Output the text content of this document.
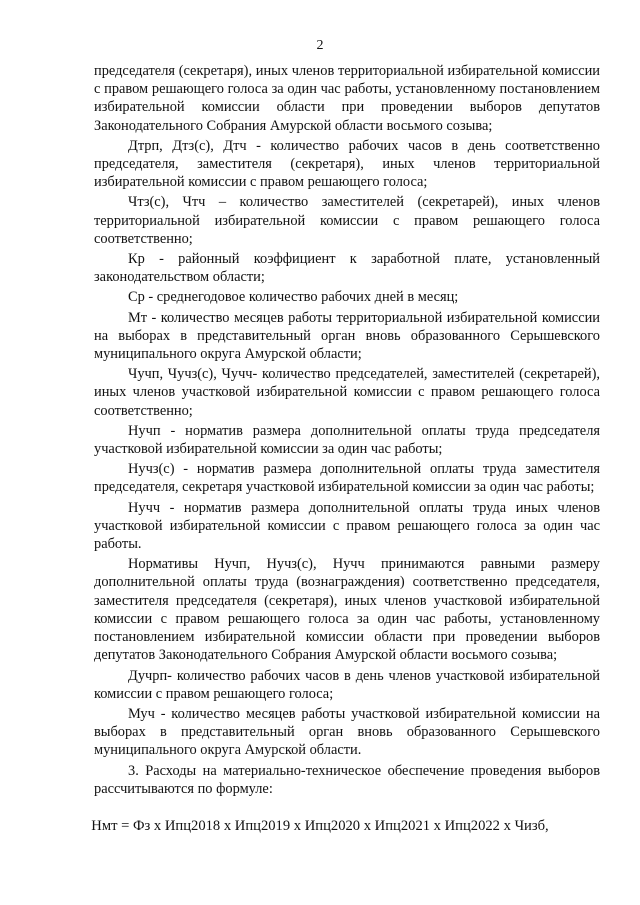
2

председателя (секретаря), иных членов территориальной избирательной комиссии с правом решающего голоса за один час работы, установленному постановлением избирательной комиссии области при проведении выборов депутатов Законодательного Собрания Амурской области восьмого созыва;

Дтрп, Дтз(с), Дтч - количество рабочих часов в день соответственно председателя, заместителя (секретаря), иных членов территориальной избирательной комиссии с правом решающего голоса;

Чтз(с), Чтч – количество заместителей (секретарей), иных членов территориальной избирательной комиссии с правом решающего голоса соответственно;

Кр - районный коэффициент к заработной плате, установленный законодательством области;

Ср - среднегодовое количество рабочих дней в месяц;

Мт - количество месяцев работы территориальной избирательной комиссии на выборах в представительный орган вновь образованного Серышевского муниципального округа Амурской области;

Чучп, Чучз(с), Чучч- количество председателей, заместителей (секретарей), иных членов участковой избирательной комиссии с правом решающего голоса соответственно;

Нучп - норматив размера дополнительной оплаты труда председателя участковой избирательной комиссии за один час работы;

Нучз(с) - норматив размера дополнительной оплаты труда заместителя председателя, секретаря участковой избирательной комиссии за один час работы;

Нучч - норматив размера дополнительной оплаты труда иных членов участковой избирательной комиссии с правом решающего голоса за один час работы.

Нормативы Нучп, Нучз(с), Нучч принимаются равными размеру дополнительной оплаты труда (вознаграждения) соответственно председателя, заместителя председателя (секретаря), иных членов участковой избирательной комиссии с правом решающего голоса за один час работы, установленному постановлением избирательной комиссии области при проведении выборов депутатов Законодательного Собрания Амурской области восьмого созыва;

Дучрп- количество рабочих часов в день членов участковой избирательной комиссии с правом решающего голоса;

Муч - количество месяцев работы участковой избирательной комиссии на выборах в представительный орган вновь образованного Серышевского муниципального округа Амурской области.

3. Расходы на материально-техническое обеспечение проведения выборов рассчитываются по формуле:

Нмт = Фз х Ипц2018 х Ипц2019 х Ипц2020 х Ипц2021 х Ипц2022 х Чизб,
